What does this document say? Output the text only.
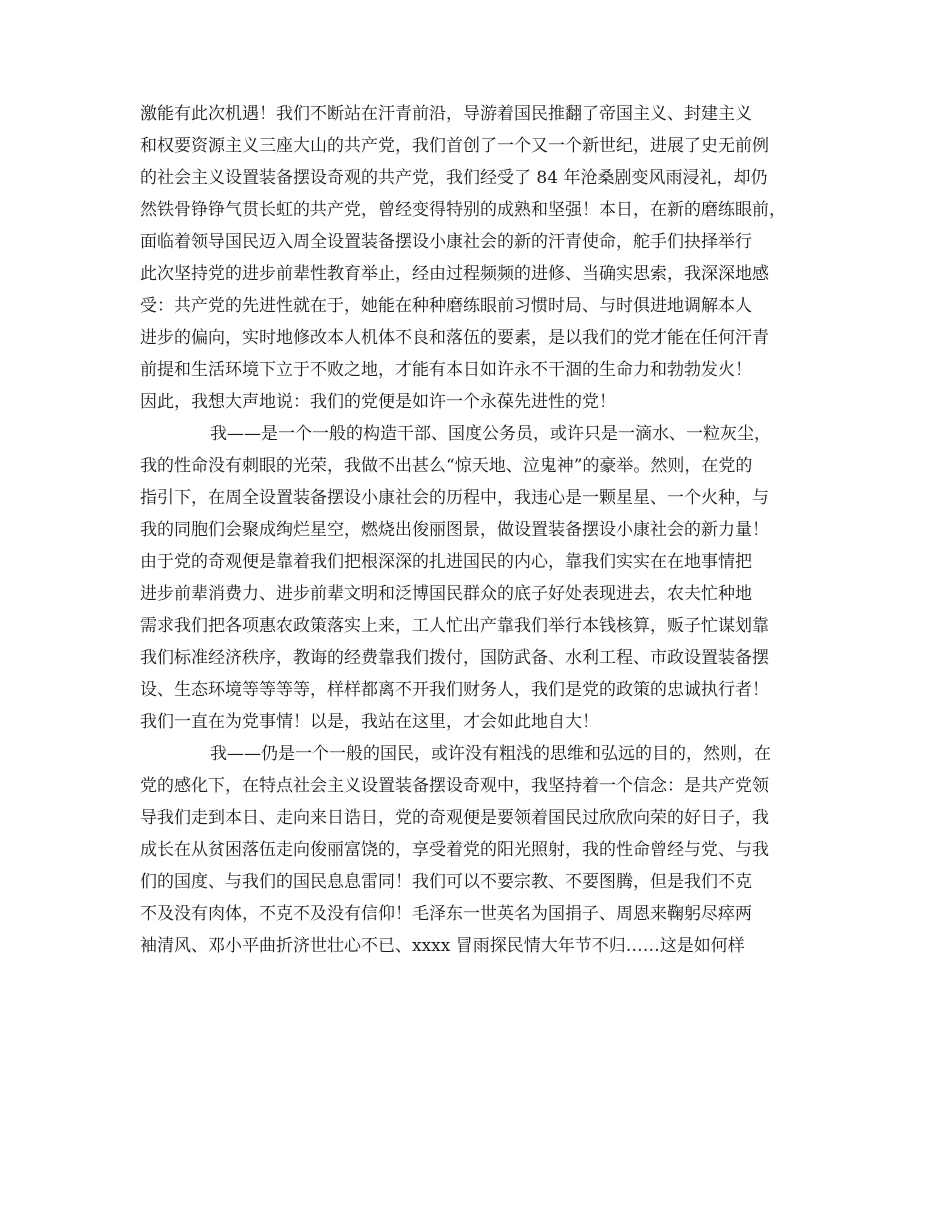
激能有此次机遇！我们不断站在汗青前沿，导游着国民推翻了帝国主义、封建主义
和权要资源主义三座大山的共产党，我们首创了一个又一个新世纪，进展了史无前例
的社会主义设置装备摆设奇观的共产党，我们经受了 84 年沧桑剧变风雨浸礼，却仍
然铁骨铮铮气贯长虹的共产党，曾经变得特别的成熟和坚强！本日，在新的磨练眼前，
面临着领导国民迈入周全设置装备摆设小康社会的新的汗青使命，舵手们抉择举行
此次坚持党的进步前辈性教育举止，经由过程频频的进修、当确实思索，我深深地感
受：共产党的先进性就在于，她能在种种磨练眼前习惯时局、与时俱进地调解本人
进步的偏向，实时地修改本人机体不良和落伍的要素，是以我们的党才能在任何汗青
前提和生活环境下立于不败之地，才能有本日如许永不干涸的生命力和勃勃发火！
因此，我想大声地说：我们的党便是如许一个永葆先进性的党！
我——是一个一般的构造干部、国度公务员，或许只是一滴水、一粒灰尘，
我的性命没有刺眼的光荣，我做不出甚么“惊天地、泣鬼神”的豪举。然则，在党的
指引下，在周全设置装备摆设小康社会的历程中，我违心是一颗星星、一个火种，与
我的同胞们会聚成绚烂星空，燃烧出俊丽图景，做设置装备摆设小康社会的新力量！
由于党的奇观便是靠着我们把根深深的扎进国民的内心，靠我们实实在在地事情把
进步前辈消费力、进步前辈文明和泛博国民群众的底子好处表现进去，农夫忙种地
需求我们把各项惠农政策落实上来，工人忙出产靠我们举行本钱核算，贩子忙谋划靠
我们标准经济秩序，教诲的经费靠我们拨付，国防武备、水利工程、市政设置装备摆
设、生态环境等等等等，样样都离不开我们财务人，我们是党的政策的忠诚执行者！
我们一直在为党事情！以是，我站在这里，才会如此地自大！
我——仍是一个一般的国民，或许没有粗浅的思维和弘远的目的，然则，在
党的感化下，在特点社会主义设置装备摆设奇观中，我坚持着一个信念：是共产党领
导我们走到本日、走向来日诰日，党的奇观便是要领着国民过欣欣向荣的好日子，我
成长在从贫困落伍走向俊丽富饶的，享受着党的阳光照射，我的性命曾经与党、与我
们的国度、与我们的国民息息雷同！我们可以不要宗教、不要图腾，但是我们不克
不及没有肉体，不克不及没有信仰！毛泽东一世英名为国捐子、周恩来鞠躬尽瘁两
袖清风、邓小平曲折济世壮心不已、xxxx 冒雨探民情大年节不归……这是如何样
